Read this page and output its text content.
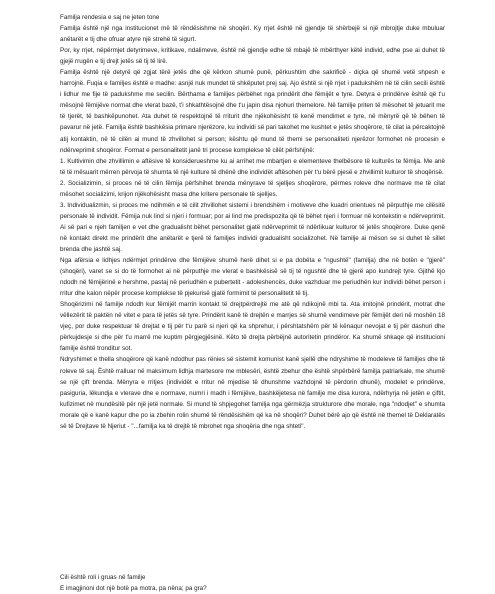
Familja rendesia e saj ne jeten tone

Familja është një nga institucionet më të rëndësishme në shoqëri. Ky rrjet është në gjendje të shërbejë si një mbrojtje duke mbuluar anëtarët e tij dhe ofruar atyre një strehë të sigurt.

Por, ky rrjet, nëpërmjet detyrimeve, kritikave, ndalimeve, është në gjendje edhe të mbajë të mbërthyer këtë individ, edhe pse ai duhet të gjejë rrugën e tij drejt jetës së tij të lirë.

Familja është një detyrë që zgjat tërë jetës dhe që kërkon shumë punë, përkushtim dhe sakrificë - diçka që shumë vetë shpesh e harrojnë. Fuqia e familjes është e madhe: asnjë nuk mundet të shkëputet prej saj. Ajo është si një rrjet i padukshëm në të cilin secili është i lidhur me fije të padukshme me secilin. Bërthama e familjes përbëhet nga prindërit dhe fëmijët e tyre. Detyra e prindërve është që t'u mësojnë fëmijëve normat dhe vlerat bazë, t'i shkathtësojnë dhe t'u japin disa njohuri themelore. Në familje priten të mësohet të jetuarit me të tjerët, të bashkëpunohet. Ata duhet të respektojnë të rriturit dhe njëkohësisht të kenë mendimet e tyre, në mënyrë që të bëhen të pavarur në jetë. Familja është bashkësia primare njerëzore, ku individi së pari takohet me kushtet e jetës shoqërore, të cilat ia përcaktojnë atij kontaktin, në të cilën ai mund të zhvillohet si person; kështu që mund të themi se personaliteti njerëzor formohet në procesin e ndërveprimit shoqëror. Format e personalitetit janë tri procese komplekse të cilët përfshijnë:

1. Kultivimin dhe zhvillimin e aftësive të konsiderueshme ku ai arrihet me mbartjen e elementeve thelbësore të kulturës te fëmija. Me anë të të mësuarit mërren përvoja të shumta të një kulture të dhënë dhe individët aftësohen për t'u bërë pjesë e zhvillimit kulturor të shoqërisë.

2. Socializimin, si proces në të cilin fëmija përfshihet brenda mënyrave të sjelljes shoqërore, përmes roleve dhe normave me të cilat mësohet socializimi, krijon njëkohësisht masa dhe kritere personale të sjelljes.

3. Individualizmin, si proces me ndihmën e të cilit zhvillohet sistemi i brendshëm i motiveve dhe kuadri orientues në përputhje me cilësitë personale të individit. Fëmija nuk lind si njeri i formuar; por ai lind me predispozita që të bëhet njeri i formuar në kontekstin e ndërveprimit. Ai së pari e njeh familjen e vet dhe gradualisht bëhet personalitet gjatë ndërveprimit të ndërlikuar kulturor të jetës shoqërore. Duke qenë në kontakt direkt me prindërit dhe anëtarët e tjerë të familjes individi gradualisht socializohet. Në familje ai mëson se si duhet të sillet brenda dhe jashtë saj.

Nga afërsia e lidhjes ndërmjet prindërve dhe fëmijëve shumë herë dihet si e pa dobëta e "ngushtë" (familja) dhe në botën e "gjerë" (shoqëri), varet se si do të formohet ai në përputhje me vlerat e bashkësisë së tij të ngushtë dhe të gjerë apo kundrejt tyre. Gjithë kjo ndodh në fëmijërinë e hershme, pastaj në periudhën e pubertetit - adoleshencës, duke vazhduar me periudhën kur individi bëhet person i rritur dhe kalon nëpër procese komplekse të pjekurisë gjatë formimit të personalitetit të tij.

Shoqërizimi në familje ndodh kur fëmijët marrin kontakt të drejtpërdrejtë me atë që ndikojnë mbi ta. Ata imitojnë prindërit, motrat dhe vëllezërit të paktën në vitet e para të jetës së tyre. Prindërit kanë të drejtën e marrjes së shumë vendimeve për fëmijët deri në moshën 18 vjeç, por duke respektuar të drejtat e tij për t'u parë si njeri që ka shprehur, i përshtatshëm për të kënaqur nevojat e tij për dashuri dhe përkujdesje si dhe për t'u marrë me kuptim përgjegjësinë. Këto të drejta përbëjnë autoritetin prindëror. Ka shumë shkaqe që institucioni familje është tronditur sot.

Ndryshimet e thella shoqërore që kanë ndodhur pas rënies së sistemit komunist kanë sjellë dhe ndryshime të modeleve të familjes dhe të roleve të saj. Është rralluar në maksimum lidhja martesore me mblesëri, është zbehur dhe është shpërbërë familja patriarkale, me shumë se një çift brenda. Mënyra e rritjes (individët e rritur në mjedise të dhunshme vazhdojnë të përdorin dhunë), modelet e prindërve, pasiguria, lëkundja e vlerave dhe e normave, numri i madh i fëmijëve, bashkëjetesa në familje me disa kurora, ndërhyrja në jetën e çiftit, kufizimet në mundësitë për një jetë normale. Si mund të shpjegohet familja nga gërmëzja strukturore dhe morale, nga "ndodjet" e shumta morale që e kanë kapur dhe po ia zbehin rolin shumë të rëndësishëm që ka në shoqëri? Duhet bërë ajo që është në themel të Deklaratës së të Drejtave të Njeriut - "...familja ka të drejtë të mbrohet nga shoqëria dhe nga shteti".

Cili është roli i gruas në familje

E imagjinoni dot një botë pa motra, pa nëna; pa gra?
